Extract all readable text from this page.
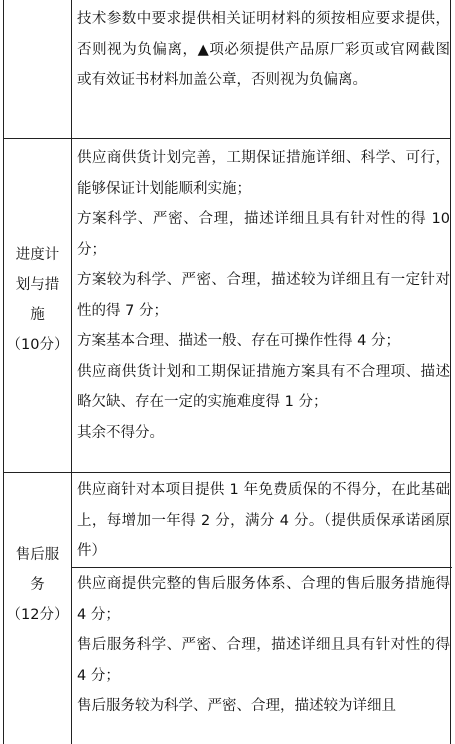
技术参数中要求提供相关证明材料的须按相应要求提供，否则视为负偏离，▲项必须提供产品原厂彩页或官网截图或有效证书材料加盖公章，否则视为负偏离。
进度计
划与措
施
（10分）
供应商供货计划完善，工期保证措施详细、科学、可行， 能够保证计划能顺利实施；
方案科学、严密、合理，描述详细且具有针对性的得 10 分；
方案较为科学、严密、合理，描述较为详细且有一定针对性的得 7 分；
方案基本合理、描述一般、存在可操作性得 4 分；
供应商供货计划和工期保证措施方案具有不合理项、描述略欠缺、存在一定的实施难度得 1 分；
其余不得分。
售后服
务
（12分）
供应商针对本项目提供 1 年免费质保的不得分，在此基础上，每增加一年得 2 分，满分 4 分。（提供质保承诺函原件）
供应商提供完整的售后服务体系、合理的售后服务措施得 4 分；
售后服务科学、严密、合理，描述详细且具有针对性的得 4 分；
售后服务较为科学、严密、合理，描述较为详细且
